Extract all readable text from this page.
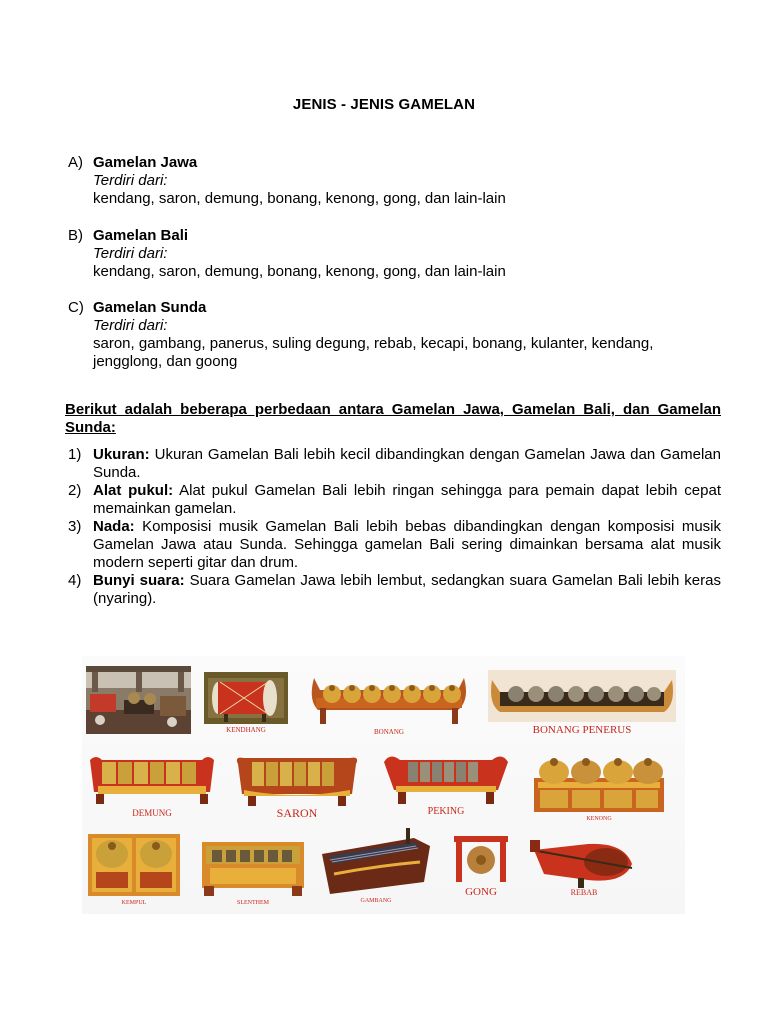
JENIS - JENIS GAMELAN
A) Gamelan Jawa
Terdiri dari:
kendang, saron, demung, bonang, kenong, gong, dan lain-lain
B) Gamelan Bali
Terdiri dari:
kendang, saron, demung, bonang, kenong, gong, dan lain-lain
C) Gamelan Sunda
Terdiri dari:
saron, gambang, panerus, suling degung, rebab, kecapi, bonang, kulanter, kendang,
jengglong, dan goong
Berikut adalah beberapa perbedaan antara Gamelan Jawa, Gamelan Bali, dan Gamelan Sunda:
1) Ukuran: Ukuran Gamelan Bali lebih kecil dibandingkan dengan Gamelan Jawa dan Gamelan Sunda.
2) Alat pukul: Alat pukul Gamelan Bali lebih ringan sehingga para pemain dapat lebih cepat memainkan gamelan.
3) Nada: Komposisi musik Gamelan Bali lebih bebas dibandingkan dengan komposisi musik Gamelan Jawa atau Sunda. Sehingga gamelan Bali sering dimainkan bersama alat musik modern seperti gitar dan drum.
4) Bunyi suara: Suara Gamelan Jawa lebih lembut, sedangkan suara Gamelan Bali lebih keras (nyaring).
KENDHANG	BONANG	BONANG PENERUS
DEMUNG	SARON	PEKING
KENONG
KEMPUL	SLENTHEM	GAMBANG
GONG	REBAB
